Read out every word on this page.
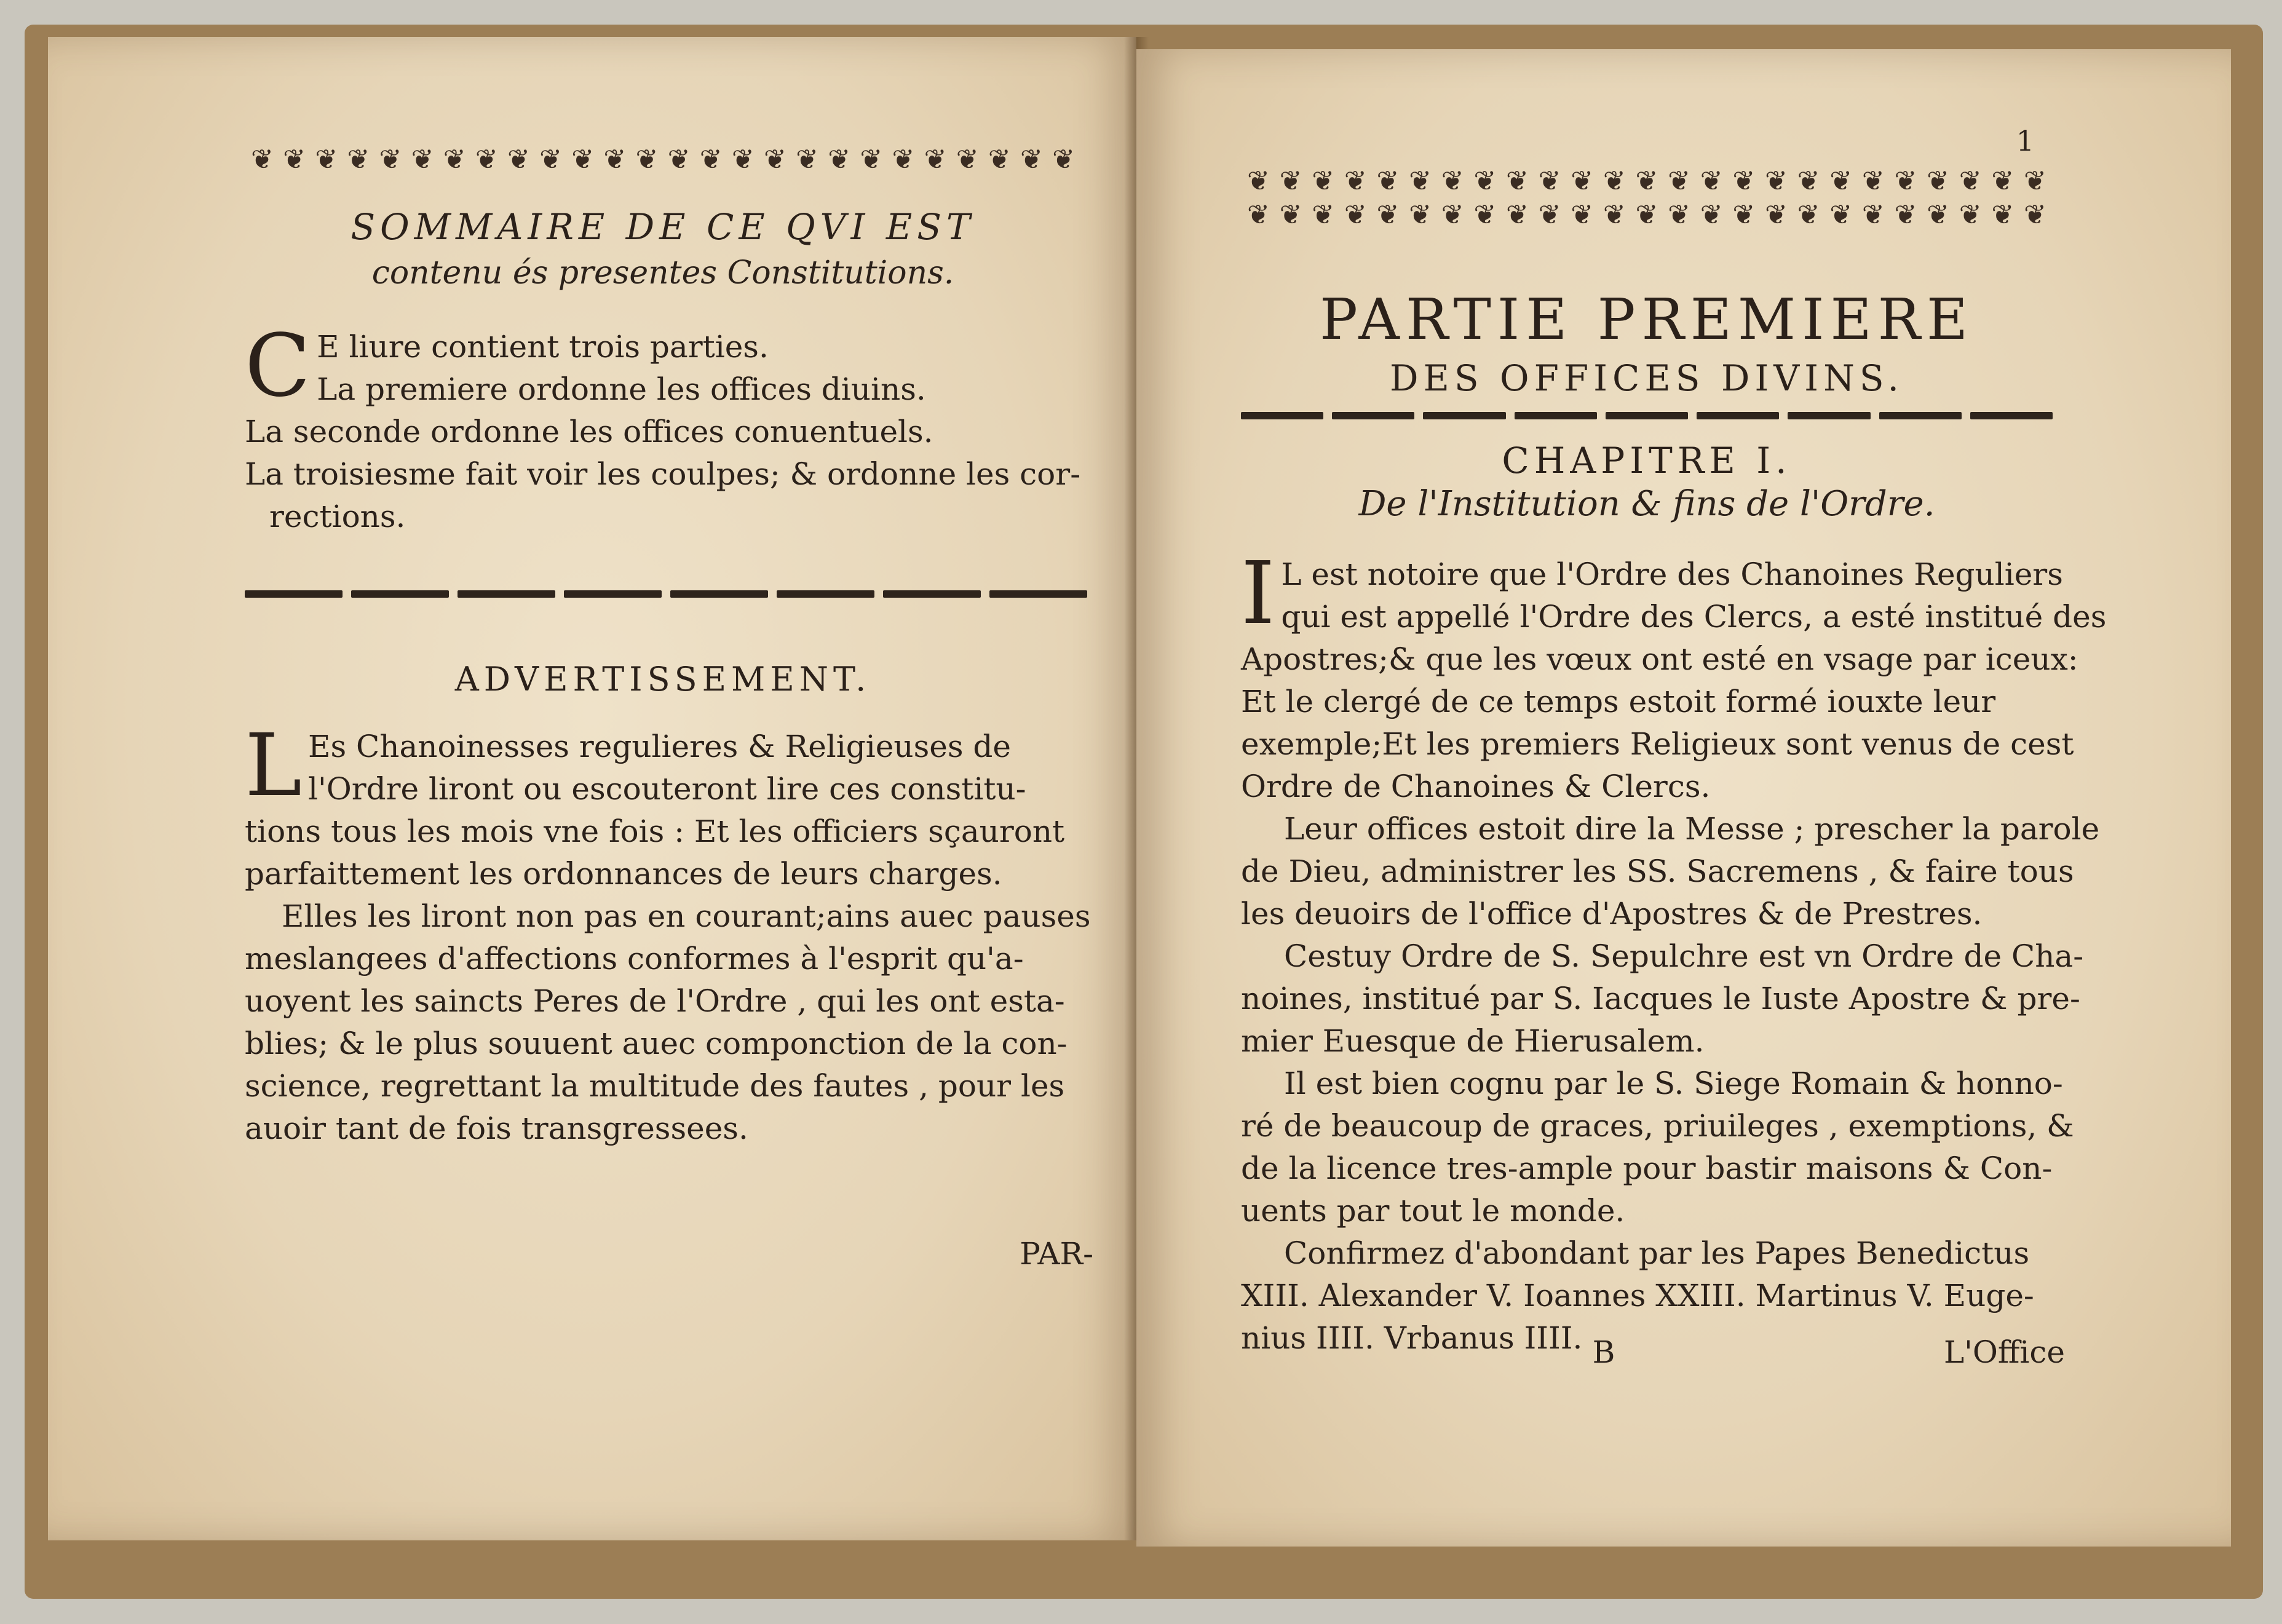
❦ ❦ ❦ ❦ ❦ ❦ ❦ ❦ ❦ ❦ ❦ ❦ ❦ ❦ ❦ ❦ ❦ ❦ ❦ ❦ ❦ ❦ ❦ ❦ ❦ ❦
SOMMAIRE DE CE QVI EST
contenu és presentes Constitutions.
C E liure contient trois parties.
La premiere ordonne les offices diuins.
La seconde ordonne les offices conuentuels.
La troisiesme fait voir les coulpes; & ordonne les cor-
rections.
ADVERTISSEMENT.
L Es Chanoinesses regulieres & Religieuses de
l'Ordre liront ou escouteront lire ces constitu-
tions tous les mois vne fois : Et les officiers sçauront
parfaittement les ordonnances de leurs charges.
Elles les liront non pas en courant;ains auec pauses
meslangees d'affections conformes à l'esprit qu'a-
uoyent les saincts Peres de l'Ordre , qui les ont esta-
blies; & le plus souuent auec componction de la con-
science, regrettant la multitude des fautes , pour les
auoir tant de fois transgressees.
PAR-
1
❦ ❦ ❦ ❦ ❦ ❦ ❦ ❦ ❦ ❦ ❦ ❦ ❦ ❦ ❦ ❦ ❦ ❦ ❦ ❦ ❦ ❦ ❦ ❦ ❦
❦ ❦ ❦ ❦ ❦ ❦ ❦ ❦ ❦ ❦ ❦ ❦ ❦ ❦ ❦ ❦ ❦ ❦ ❦ ❦ ❦ ❦ ❦ ❦ ❦
PARTIE PREMIERE
DES OFFICES DIVINS.
CHAPITRE I.
De l'Institution & fins de l'Ordre.
I L est notoire que l'Ordre des Chanoines Reguliers
qui est appellé l'Ordre des Clercs, a esté institué des
Apostres;& que les vœux ont esté en vsage par iceux:
Et le clergé de ce temps estoit formé iouxte leur
exemple;Et les premiers Religieux sont venus de cest
Ordre de Chanoines & Clercs.
Leur offices estoit dire la Messe ; prescher la parole
de Dieu, administrer les SS. Sacremens , & faire tous
les deuoirs de l'office d'Apostres & de Prestres.
Cestuy Ordre de S. Sepulchre est vn Ordre de Cha-
noines, institué par S. Iacques le Iuste Apostre & pre-
mier Euesque de Hierusalem.
Il est bien cognu par le S. Siege Romain & honno-
ré de beaucoup de graces, priuileges , exemptions, &
de la licence tres-ample pour bastir maisons & Con-
uents par tout le monde.
Confirmez d'abondant par les Papes Benedictus
XIII. Alexander V. Ioannes XXIII. Martinus V. Euge-
nius IIII. Vrbanus IIII. B	L'Office
